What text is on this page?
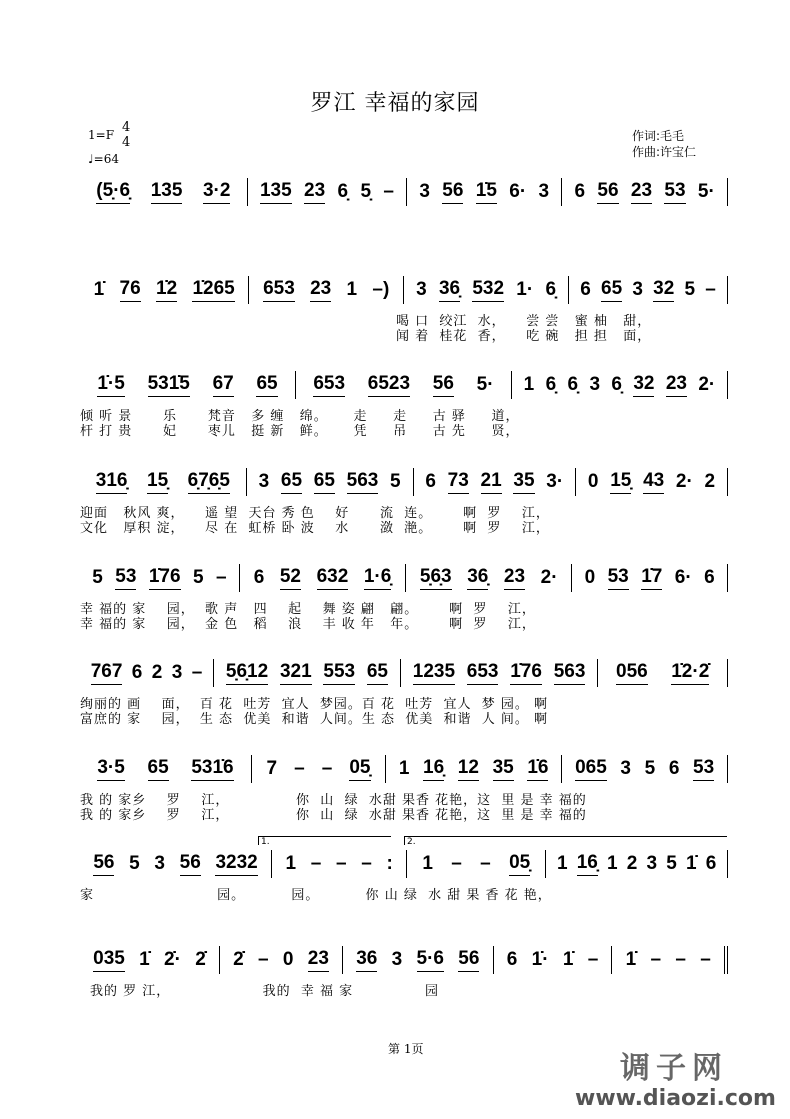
罗江 幸福的家园
1=F 4
4
♩=64
作词:毛毛
作曲:许宝仁
(5̣·6̣ 135 3·2 135 23 6̣ 5̣ – 3 56 1̇5 6· 3 6 56 23 53 5·
1̇ 76 1̇2 1̇265 653 23 1 –) 3 36̣ 532 1· 6̣ 6 65 3 32 5 –
1̇·5 531̇5 67 65 653 6523 56 5· 1 6̣ 6̣ 3 6̣ 32 23 2·
316̣ 15̣ 6̣7̣6̣5 3 65 65 563 5 6 73 21 35 3· 0 15̣ 43 2· 2
5 53 1̇76 5 – 6 52 632 1·6̣ 5̣6̣3 36̣ 23 2· 0 53 1̇7 6· 6
767 6 2 3 – 5̣6̣12 321 553 65 1235 653 1̇76 563 056 1̇2·2̇
3·5 65 531̇6 7 – – 05̣ 1 16̣ 12 35 1̇6 065 3 5 6 53
56 5 3 56 3232 1 – – – : 1 – – 05̣ 1 16̣ 1 2 3 5 1̇ 6
035 1̇ 2̇· 2̇ 2̇ – 0 23 36 3 5·6 56 6 1̇· 1̇ – 1̇ – – –
第 1页
调子网
www.diaozi.com
喝 口  绞江  水，    尝 尝   蜜 柚   甜，
闻 着  桂花  香，    吃 碗   担 担   面，
倾 听 景      乐      梵音   多 缠   绵。     走     走     古 驿     道，
杆 打 贵      妃      枣儿   挺 新   鲜。     凭     吊     古 先     贤，
迎面   秋风 爽，    遥 望  天台 秀 色    好      流  连。      啊  罗    江，
文化   厚积 淀，    尽 在  虹桥 卧 波    水      潋  滟。      啊  罗    江，
幸 福的 家    园，  歌 声   四    起    舞 姿 翩   翩。      啊  罗    江，
幸 福的 家    园，  金 色   稻    浪    丰 收 年   年。      啊  罗    江，
绚丽的 画    面，  百 花  吐芳  宜人  梦园。百 花  吐芳  宜人  梦 园。 啊
富庶的 家    园，  生 态  优美  和谐  人间。生 态  优美  和谐  人 间。 啊
我 的 家乡    罗    江，             你  山  绿  水甜 果香 花艳，这  里 是 幸 福的
我 的 家乡    罗    江，             你  山  绿  水甜 果香 花艳，这  里 是 幸 福的
家                        园。         园。         你 山 绿  水 甜 果 香 花 艳，
1.	2.
我的 罗 江，                  我的  幸 福 家              园
